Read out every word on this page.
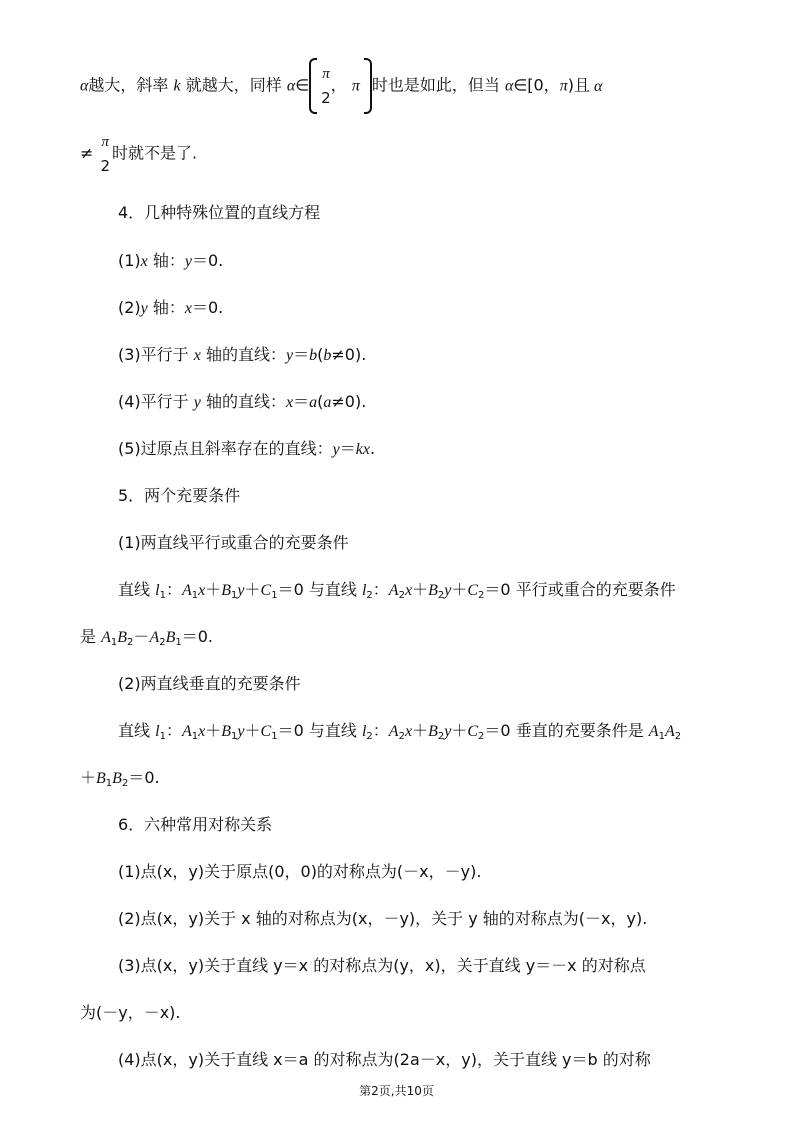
α越大，斜率 k 就越大，同样 α∈
π
2
， π 时也是如此，但当 α∈[0，π)且 α
≠
π
2
时就不是了.
4．几种特殊位置的直线方程
(1)x 轴：y＝0.
(2)y 轴：x＝0.
(3)平行于 x 轴的直线：y＝b(b≠0).
(4)平行于 y 轴的直线：x＝a(a≠0).
(5)过原点且斜率存在的直线：y＝kx.
5．两个充要条件
(1)两直线平行或重合的充要条件
直线 $l_1$：$A_1x+B_1y+C_1=0$ 与直线 $l_2$：$A_2x+B_2y+C_2=0$ 平行或重合的充要条件
是 $A_1B_2-A_2B_1=0$.
(2)两直线垂直的充要条件
直线 $l_1$：$A_1x+B_1y+C_1=0$ 与直线 $l_2$：$A_2x+B_2y+C_2=0$ 垂直的充要条件是 $A_1A_2$
$+B_1B_2=0$.
6．六种常用对称关系
(1)点(x，y)关于原点(0，0)的对称点为(－x，－y).
(2)点(x，y)关于 x 轴的对称点为(x，－y)，关于 y 轴的对称点为(－x，y).
(3)点(x，y)关于直线 y＝x 的对称点为(y，x)，关于直线 y＝－x 的对称点
为(－y，－x).
(4)点(x，y)关于直线 x＝a 的对称点为(2a－x，y)，关于直线 y＝b 的对称
第2页,共10页
